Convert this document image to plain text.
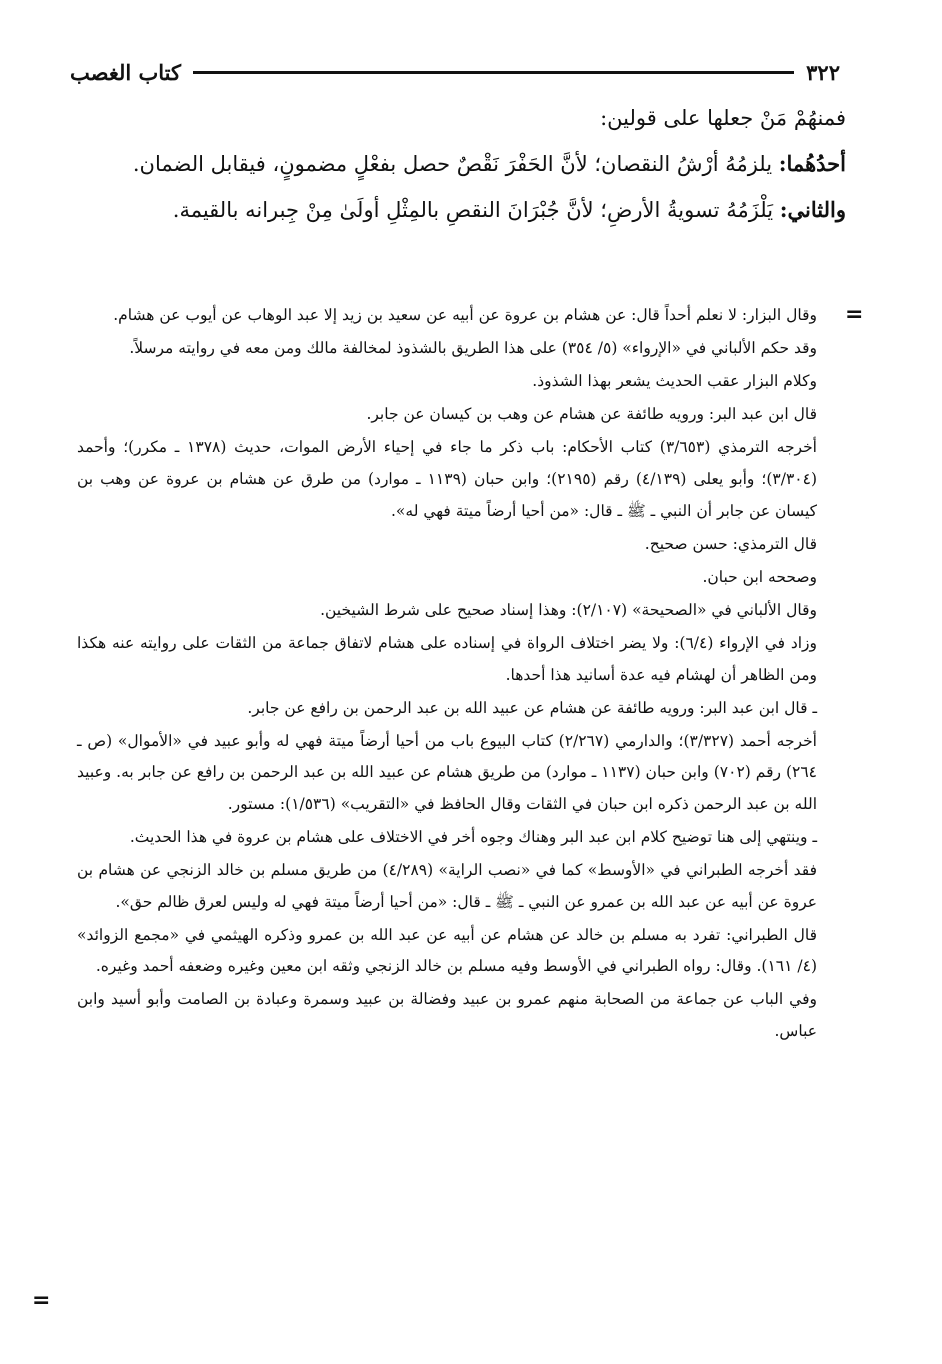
كتاب الغصب	٣٢٢

فمنهُمْ مَنْ جعلها على قولين:

أحدُهُما: يلزمُهُ أرْشُ النقصان؛ لأنَّ الحَفْرَ نَقْصٌ حصل بفعْلٍ مضمونٍ، فيقابل الضمان.

والثاني: يَلْزَمُهُ تسويةُ الأرضِ؛ لأنَّ جُبْرَانَ النقصِ بالمِثْلِ أولَىٰ مِنْ جِبرانه بالقيمة.

=

وقال البزار: لا نعلم أحداً قال: عن هشام بن عروة عن أبيه عن سعيد بن زيد إلا عبد الوهاب عن أيوب عن هشام.

وقد حكم الألباني في «الإرواء» (٥/ ٣٥٤) على هذا الطريق بالشذوذ لمخالفة مالك ومن معه في روايته مرسلاً.

وكلام البزار عقب الحديث يشعر بهذا الشذوذ.

قال ابن عبد البر: ورويه طائفة عن هشام عن وهب بن كيسان عن جابر.

أخرجه الترمذي (٣/٦٥٣) كتاب الأحكام: باب ذكر ما جاء في إحياء الأرض الموات، حديث (١٣٧٨ ـ مكرر)؛ وأحمد (٣/٣٠٤)؛ وأبو يعلى (٤/١٣٩) رقم (٢١٩٥)؛ وابن حبان (١١٣٩ ـ موارد) من طرق عن هشام بن عروة عن وهب بن كيسان عن جابر أن النبي ـ ﷺ ـ قال: «من أحيا أرضاً ميتة فهي له».

قال الترمذي: حسن صحيح.

وصححه ابن حبان.

وقال الألباني في «الصحيحة» (٢/١٠٧): وهذا إسناد صحيح على شرط الشيخين.

وزاد في الإرواء (٦/٤): ولا يضر اختلاف الرواة في إسناده على هشام لاتفاق جماعة من الثقات على روايته عنه هكذا ومن الظاهر أن لهشام فيه عدة أسانيد هذا أحدها.

ـ قال ابن عبد البر: ورويه طائفة عن هشام عن عبيد الله بن عبد الرحمن بن رافع عن جابر.

أخرجه أحمد (٣/٣٢٧)؛ والدارمي (٢/٢٦٧) كتاب البيوع باب من أحيا أرضاً ميتة فهي له وأبو عبيد في «الأموال» (ص ـ ٢٦٤) رقم (٧٠٢) وابن حبان (١١٣٧ ـ موارد) من طريق هشام عن عبيد الله بن عبد الرحمن بن رافع عن جابر به. وعبيد الله بن عبد الرحمن ذكره ابن حبان في الثقات وقال الحافظ في «التقريب» (١/٥٣٦): مستور.

ـ وينتهي إلى هنا توضيح كلام ابن عبد البر وهناك وجوه أخر في الاختلاف على هشام بن عروة في هذا الحديث.

فقد أخرجه الطبراني في «الأوسط» كما في «نصب الراية» (٤/٢٨٩) من طريق مسلم بن خالد الزنجي عن هشام بن عروة عن أبيه عن عبد الله بن عمرو عن النبي ـ ﷺ ـ قال: «من أحيا أرضاً ميتة فهي له وليس لعرق ظالم حق».

قال الطبراني: تفرد به مسلم بن خالد عن هشام عن أبيه عن عبد الله بن عمرو وذكره الهيثمي في «مجمع الزوائد» (٤/ ١٦١). وقال: رواه الطبراني في الأوسط وفيه مسلم بن خالد الزنجي وثقه ابن معين وغيره وضعفه أحمد وغيره.

وفي الباب عن جماعة من الصحابة منهم عمرو بن عبيد وفضالة بن عبيد وسمرة وعبادة بن الصامت وأبو أسيد وابن عباس.

=
